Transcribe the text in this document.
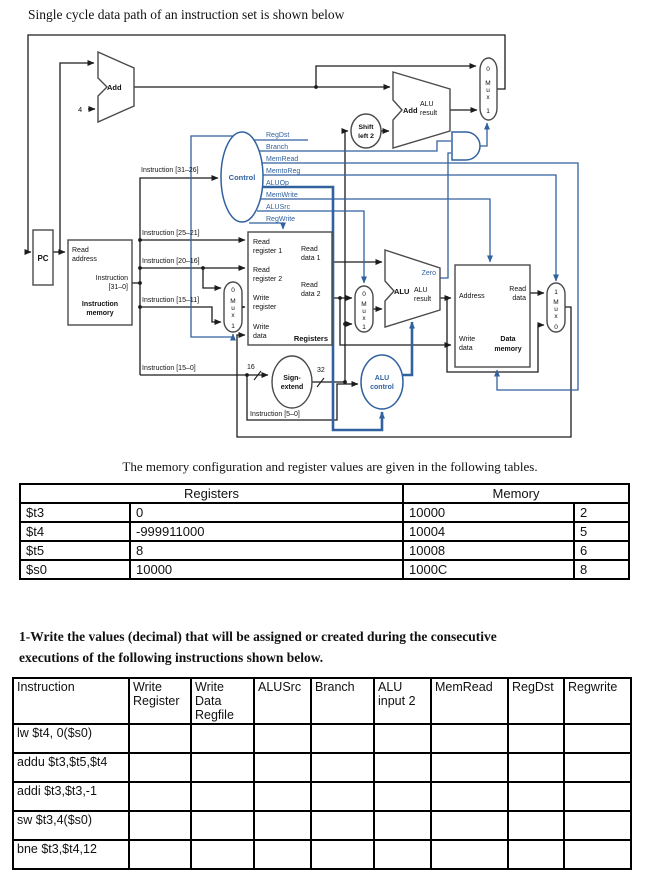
Single cycle data path of an instruction set is shown below
PC
Add
4
Read
address
Instruction
[31–0]
Instruction
memory
Control
RegDst
Branch
MemRead
MemtoReg
ALUOp
MemWrite
ALUSrc
RegWrite
Instruction [31–26]
Instruction [25–21]
Instruction [20–16]
Instruction [15–11]
Instruction [15–0]
Instruction [5–0]
16	32
0
M
u
x
1
Read
register 1
Read
register 2
Write
register
Write
data
Read
data 1
Read
data 2
Registers
Sign-
extend
Shift
left 2
Add
ALU
result
0
M
u
x
1
0
M
u
x
1
ALU
Zero
ALU
result
ALU
control
Address
Read
data
Write
data
Data
memory
1
M
u
x
0
The memory configuration and register values are given in the following tables.
Registers		Memory	
$t3	0	10000	2
$t4	-999911000	10004	5
$t5	8	10008	6
$s0	10000	1000C	8
1-Write the values (decimal) that will be assigned or created during the consecutive
executions of the following instructions shown below.
Instruction	Write Register	Write Data Regfile	ALUSrc	Branch	ALU input 2	MemRead	RegDst	Regwrite
lw $t4, 0($s0)								
addu $t3,$t5,$t4								
addi $t3,$t3,-1								
sw $t3,4($s0)								
bne $t3,$t4,12								
